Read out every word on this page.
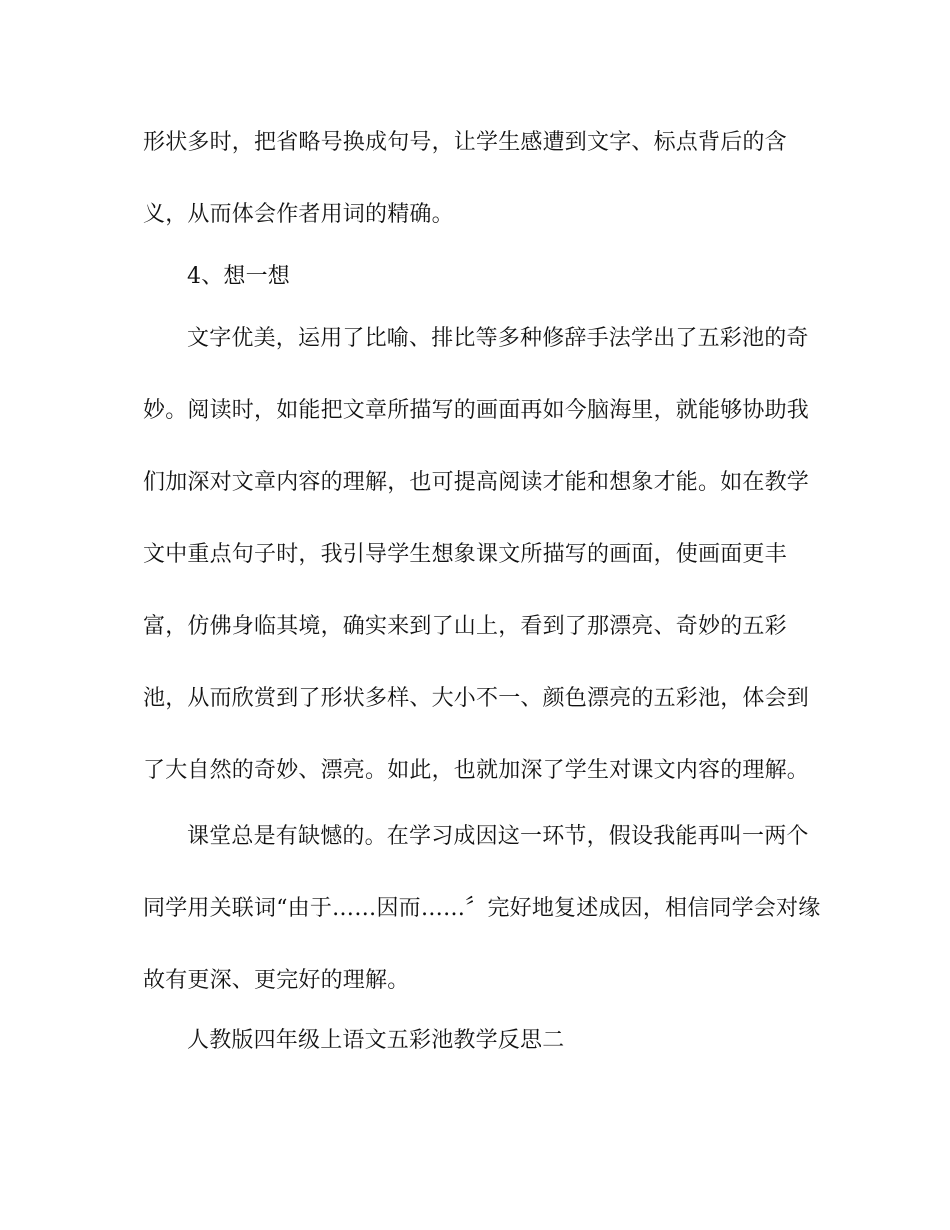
形状多时，把省略号换成句号，让学生感遭到文字、标点背后的含
义，从而体会作者用词的精确。
4、想一想
文字优美，运用了比喻、排比等多种修辞手法学出了五彩池的奇
妙。阅读时，如能把文章所描写的画面再如今脑海里，就能够协助我
们加深对文章内容的理解，也可提高阅读才能和想象才能。如在教学
文中重点句子时，我引导学生想象课文所描写的画面，使画面更丰
富，仿佛身临其境，确实来到了山上，看到了那漂亮、奇妙的五彩
池，从而欣赏到了形状多样、大小不一、颜色漂亮的五彩池，体会到
了大自然的奇妙、漂亮。如此，也就加深了学生对课文内容的理解。
课堂总是有缺憾的。在学习成因这一环节，假设我能再叫一两个
同学用关联词“由于……因而……〞完好地复述成因，相信同学会对缘
故有更深、更完好的理解。
人教版四年级上语文五彩池教学反思二
